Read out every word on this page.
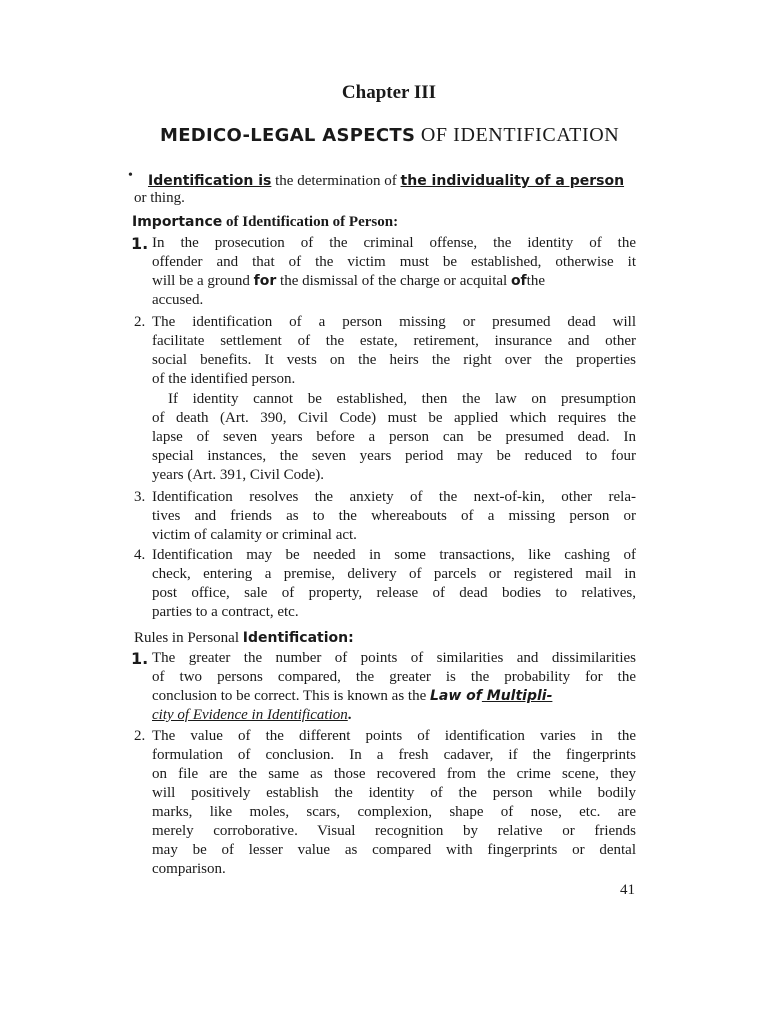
Chapter III
MEDICO-LEGAL ASPECTS OF IDENTIFICATION
• Identification is the determination of the individuality of a person
or thing.
Importance of Identification of Person:
1. In the prosecution of the criminal offense, the identity of the
offender and that of the victim must be established, otherwise it
will be a ground for the dismissal of the charge or acquital ofthe
accused.
2. The identification of a person missing or presumed dead will
facilitate settlement of the estate, retirement, insurance and other
social benefits. It vests on the heirs the right over the properties
of the identified person.
If identity cannot be established, then the law on presumption
of death (Art. 390, Civil Code) must be applied which requires the
lapse of seven years before a person can be presumed dead. In
special instances, the seven years period may be reduced to four
years (Art. 391, Civil Code).
3. Identification resolves the anxiety of the next-of-kin, other rela-
tives and friends as to the whereabouts of a missing person or
victim of calamity or criminal act.
4. Identification may be needed in some transactions, like cashing of
check, entering a premise, delivery of parcels or registered mail in
post office, sale of property, release of dead bodies to relatives,
parties to a contract, etc.
Rules in Personal Identification:
1. The greater the number of points of similarities and dissimilarities
of two persons compared, the greater is the probability for the
conclusion to be correct. This is known as the Law of Multipli-
city of Evidence in Identification.
2. The value of the different points of identification varies in the
formulation of conclusion. In a fresh cadaver, if the fingerprints
on file are the same as those recovered from the crime scene, they
will positively establish the identity of the person while bodily
marks, like moles, scars, complexion, shape of nose, etc. are
merely corroborative. Visual recognition by relative or friends
may be of lesser value as compared with fingerprints or dental
comparison.
41
